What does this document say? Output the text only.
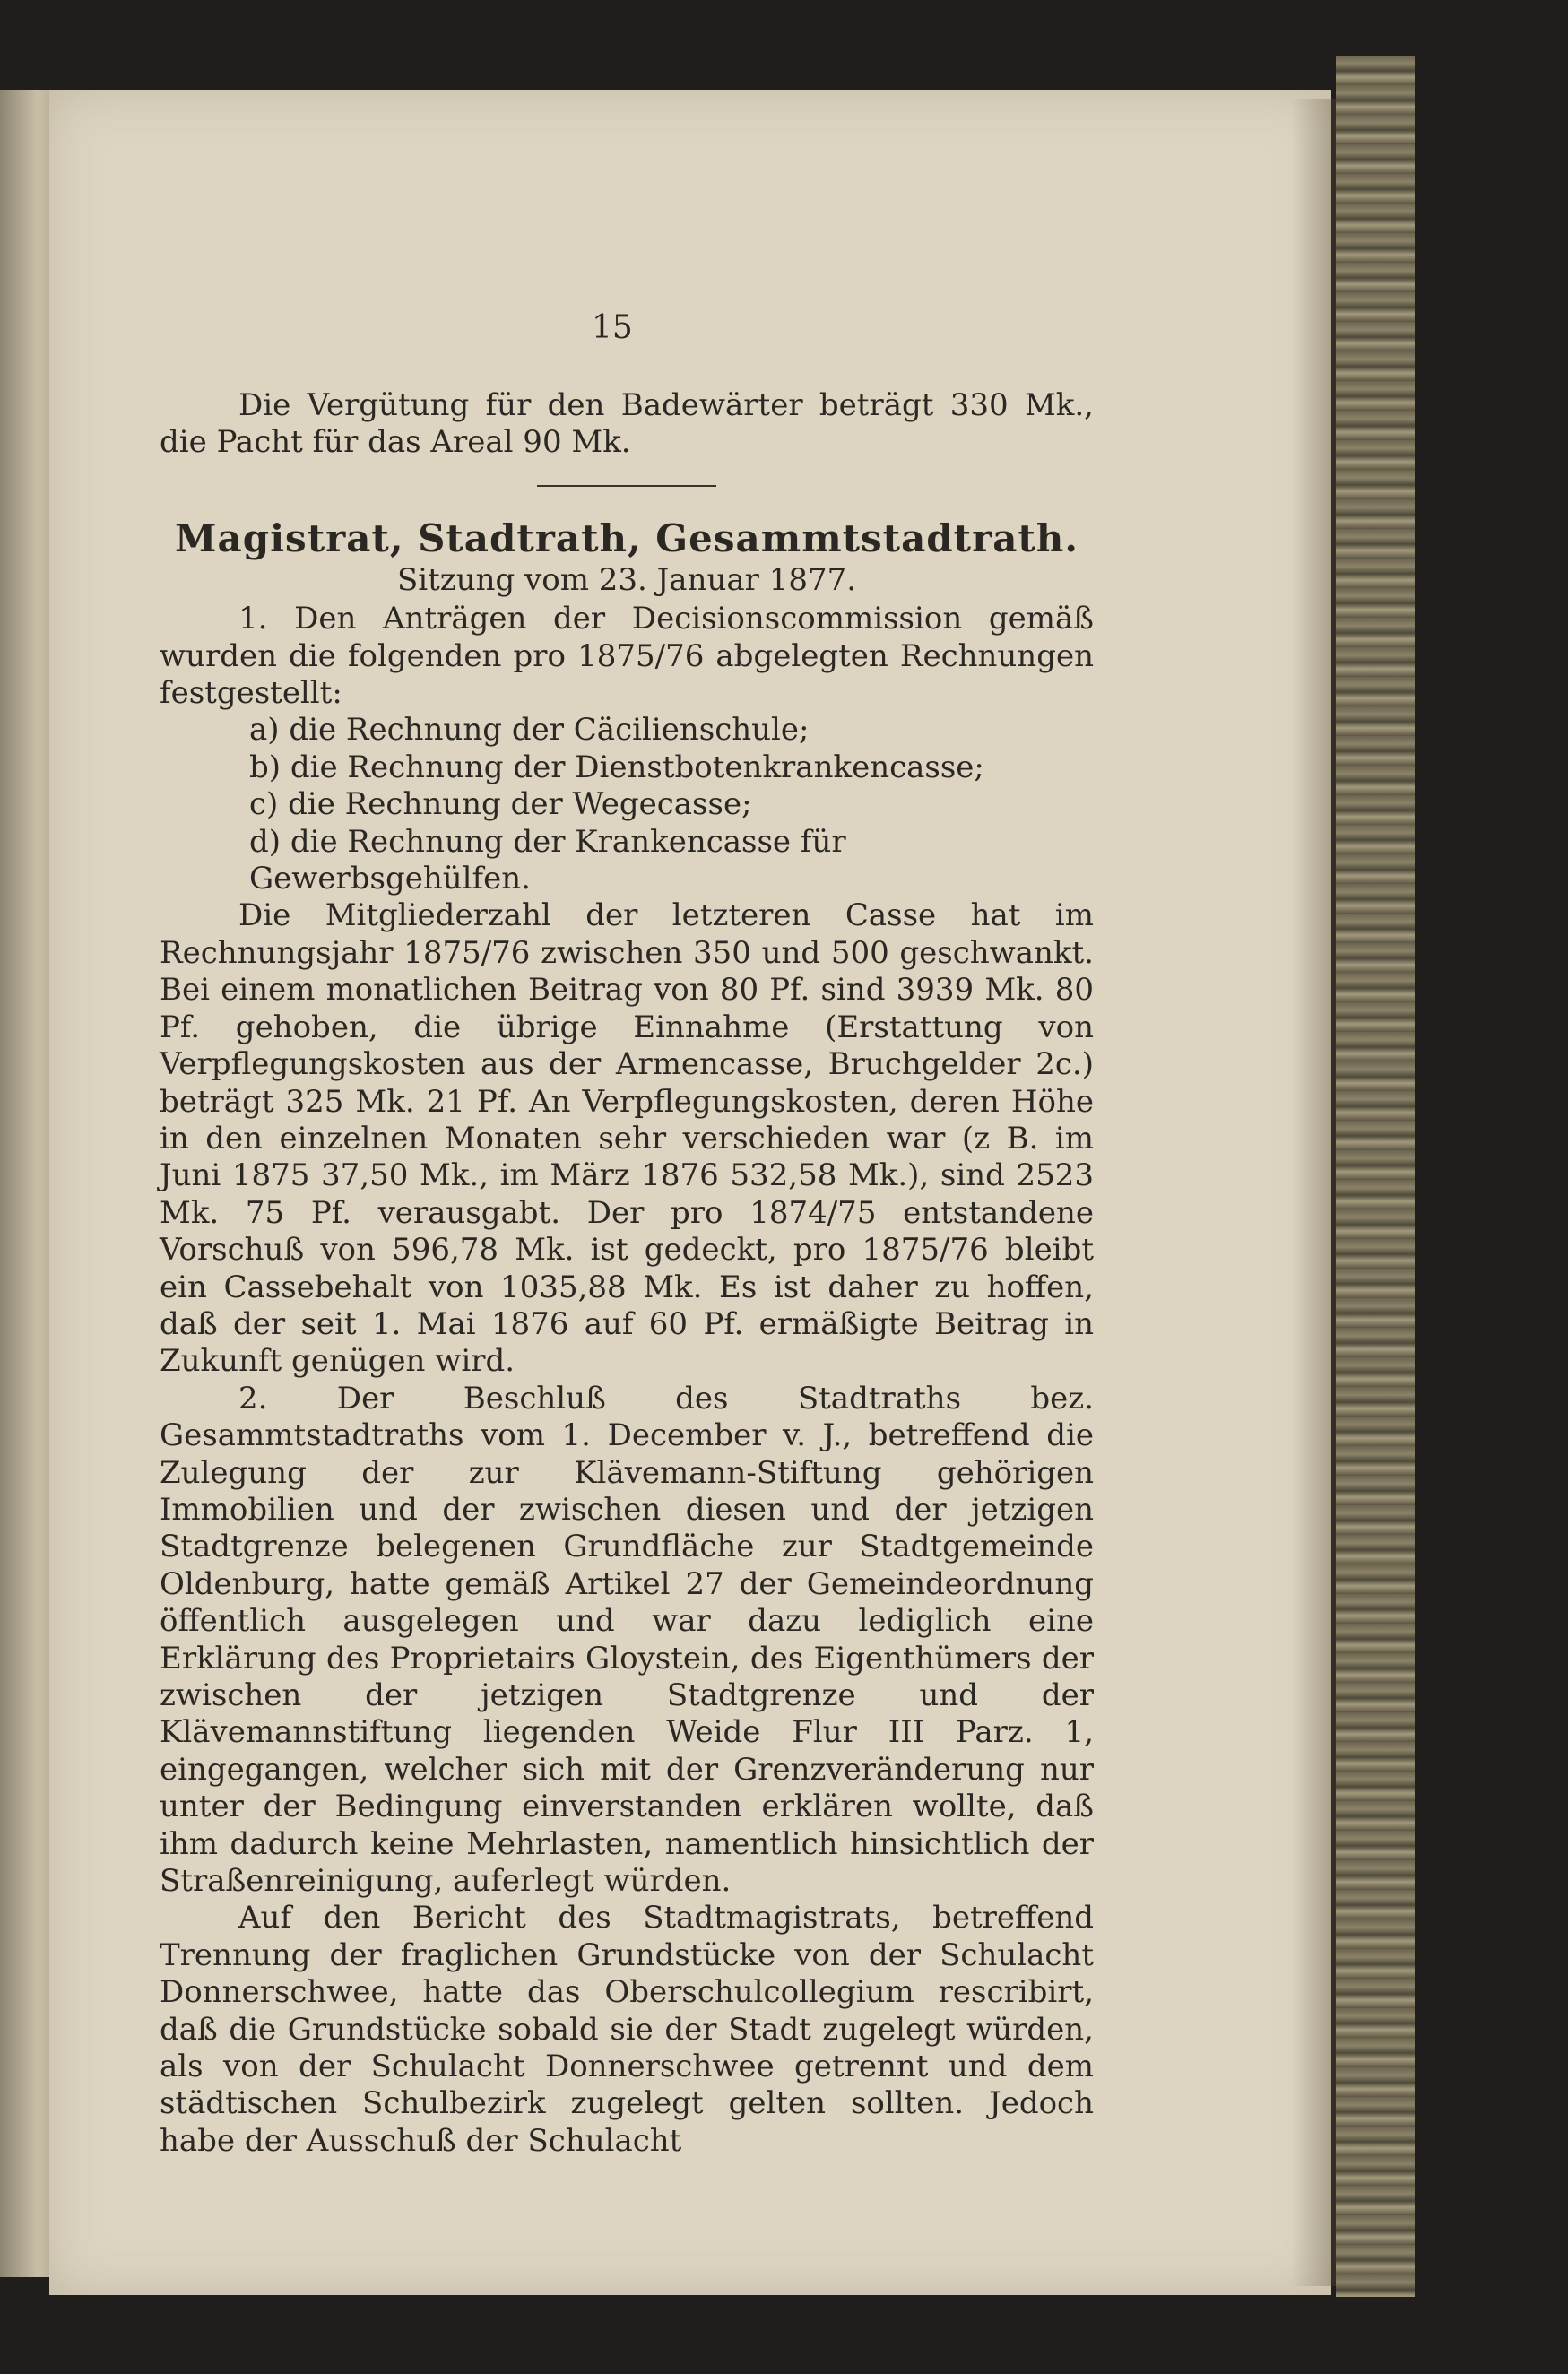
15

Die Vergütung für den Badewärter beträgt 330 Mk., die Pacht für das Areal 90 Mk.

Magistrat, Stadtrath, Gesammtstadtrath.
Sitzung vom 23. Januar 1877.

1. Den Anträgen der Decisionscommission gemäß wurden die folgenden pro 1875/76 abgelegten Rechnungen festgestellt:

a) die Rechnung der Cäcilienschule;
b) die Rechnung der Dienstbotenkrankencasse;
c) die Rechnung der Wegecasse;
d) die Rechnung der Krankencasse für Gewerbsgehülfen.

Die Mitgliederzahl der letzteren Casse hat im Rechnungsjahr 1875/76 zwischen 350 und 500 geschwankt. Bei einem monatlichen Beitrag von 80 Pf. sind 3939 Mk. 80 Pf. gehoben, die übrige Einnahme (Erstattung von Verpflegungskosten aus der Armencasse, Bruchgelder 2c.) beträgt 325 Mk. 21 Pf. An Verpflegungskosten, deren Höhe in den einzelnen Monaten sehr verschieden war (z B. im Juni 1875 37,50 Mk., im März 1876 532,58 Mk.), sind 2523 Mk. 75 Pf. verausgabt. Der pro 1874/75 entstandene Vorschuß von 596,78 Mk. ist gedeckt, pro 1875/76 bleibt ein Cassebehalt von 1035,88 Mk. Es ist daher zu hoffen, daß der seit 1. Mai 1876 auf 60 Pf. ermäßigte Beitrag in Zukunft genügen wird.

2. Der Beschluß des Stadtraths bez. Gesammtstadtraths vom 1. December v. J., betreffend die Zulegung der zur Klävemann-Stiftung gehörigen Immobilien und der zwischen diesen und der jetzigen Stadtgrenze belegenen Grundfläche zur Stadtgemeinde Oldenburg, hatte gemäß Artikel 27 der Gemeindeordnung öffentlich ausgelegen und war dazu lediglich eine Erklärung des Proprietairs Gloystein, des Eigenthümers der zwischen der jetzigen Stadtgrenze und der Klävemannstiftung liegenden Weide Flur III Parz. 1, eingegangen, welcher sich mit der Grenzveränderung nur unter der Bedingung einverstanden erklären wollte, daß ihm dadurch keine Mehrlasten, namentlich hinsichtlich der Straßenreinigung, auferlegt würden.

Auf den Bericht des Stadtmagistrats, betreffend Trennung der fraglichen Grundstücke von der Schulacht Donnerschwee, hatte das Oberschulcollegium rescribirt, daß die Grundstücke sobald sie der Stadt zugelegt würden, als von der Schulacht Donnerschwee getrennt und dem städtischen Schulbezirk zugelegt gelten sollten. Jedoch habe der Ausschuß der Schulacht
